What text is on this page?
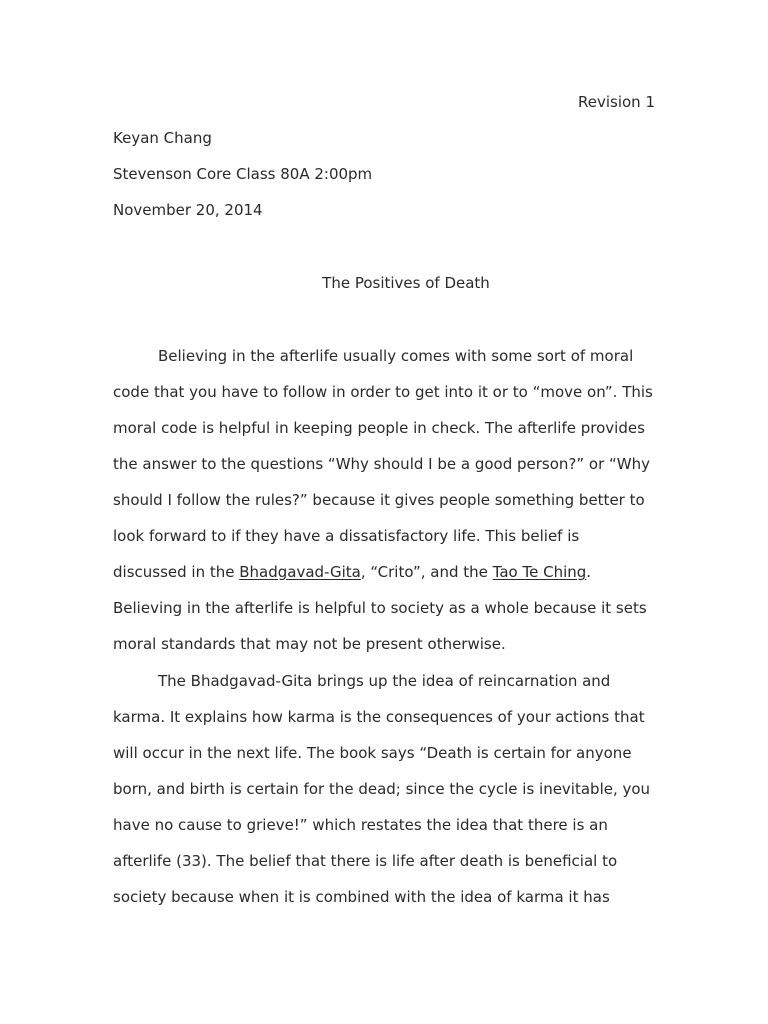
Revision 1
Keyan Chang
Stevenson Core Class 80A 2:00pm
November 20, 2014
The Positives of Death
Believing in the afterlife usually comes with some sort of moral
code that you have to follow in order to get into it or to “move on”. This
moral code is helpful in keeping people in check. The afterlife provides
the answer to the questions “Why should I be a good person?” or “Why
should I follow the rules?” because it gives people something better to
look forward to if they have a dissatisfactory life. This belief is
discussed in the Bhadgavad-Gita, “Crito”, and the Tao Te Ching.
Believing in the afterlife is helpful to society as a whole because it sets
moral standards that may not be present otherwise.
The Bhadgavad-Gita brings up the idea of reincarnation and
karma. It explains how karma is the consequences of your actions that
will occur in the next life. The book says “Death is certain for anyone
born, and birth is certain for the dead; since the cycle is inevitable, you
have no cause to grieve!” which restates the idea that there is an
afterlife (33). The belief that there is life after death is beneficial to
society because when it is combined with the idea of karma it has
